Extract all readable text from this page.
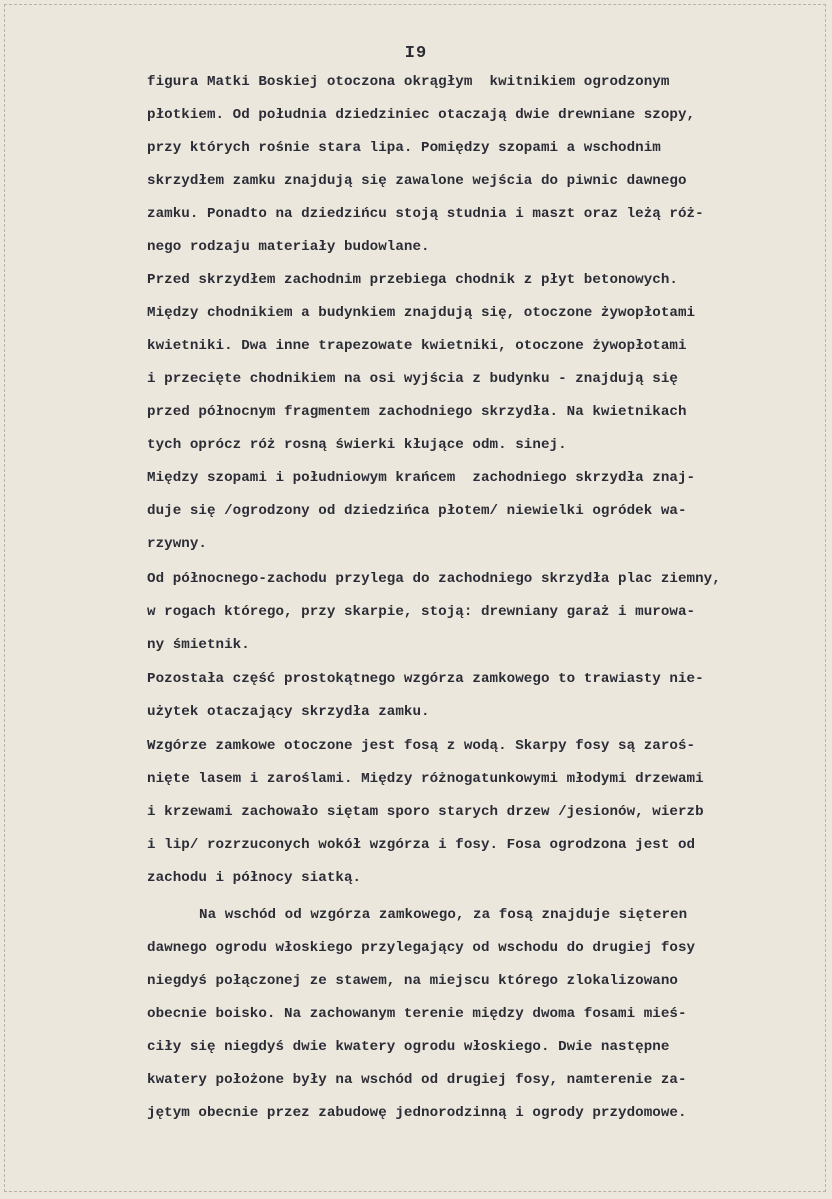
I9
figura Matki Boskiej otoczona okrągłym  kwitnikiem ogrodzonym
płotkiem. Od południa dziedziniec otaczają dwie drewniane szopy,
przy których rośnie stara lipa. Pomiędzy szopami a wschodnim
skrzydłem zamku znajdują się zawalone wejścia do piwnic dawnego
zamku. Ponadto na dziedzińcu stoją studnia i maszt oraz leżą róż-
nego rodzaju materiały budowlane.
Przed skrzydłem zachodnim przebiega chodnik z płyt betonowych.
Między chodnikiem a budynkiem znajdują się, otoczone żywopłotami
kwietniki. Dwa inne trapezowate kwietniki, otoczone żywopłotami
i przecięte chodnikiem na osi wyjścia z budynku - znajdują się
przed północnym fragmentem zachodniego skrzydła. Na kwietnikach
tych oprócz róż rosną świerki kłujące odm. sinej.
Między szopami i południowym krańcem  zachodniego skrzydła znaj-
duje się /ogrodzony od dziedzińca płotem/ niewielki ogródek wa-
rzywny.
Od północnego-zachodu przylega do zachodniego skrzydła plac ziemny,
w rogach którego, przy skarpie, stoją: drewniany garaż i murowa-
ny śmietnik.
Pozostała część prostokątnego wzgórza zamkowego to trawiasty nie-
użytek otaczający skrzydła zamku.
Wzgórze zamkowe otoczone jest fosą z wodą. Skarpy fosy są zaroś-
nięte lasem i zaroślami. Między różnogatunkowymi młodymi drzewami
i krzewami zachowało siętam sporo starych drzew /jesionów, wierzb
i lip/ rozrzuconych wokół wzgórza i fosy. Fosa ogrodzona jest od
zachodu i północy siatką.
Na wschód od wzgórza zamkowego, za fosą znajduje sięteren
dawnego ogrodu włoskiego przylegający od wschodu do drugiej fosy
niegdyś połączonej ze stawem, na miejscu którego zlokalizowano
obecnie boisko. Na zachowanym terenie między dwoma fosami mieś-
ciły się niegdyś dwie kwatery ogrodu włoskiego. Dwie następne
kwatery położone były na wschód od drugiej fosy, namterenie za-
jętym obecnie przez zabudowę jednorodzinną i ogrody przydomowe.
